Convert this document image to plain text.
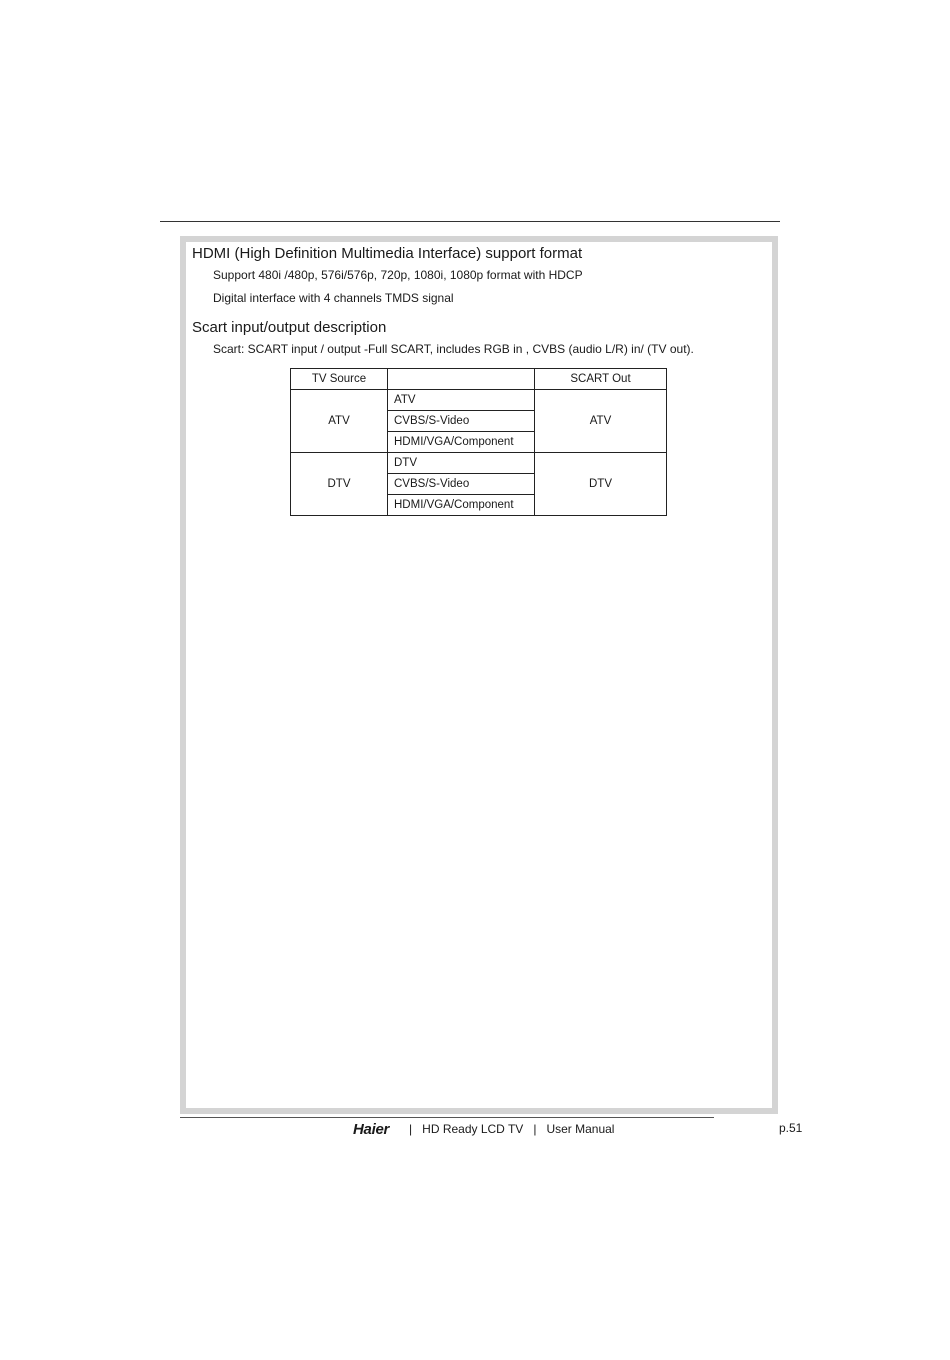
HDMI (High Definition Multimedia Interface) support format
Support 480i /480p, 576i/576p, 720p, 1080i, 1080p format with HDCP
Digital interface with 4 channels TMDS signal
Scart input/output description
Scart: SCART input / output -Full SCART, includes RGB in , CVBS (audio L/R) in/ (TV out).
TV Source		SCART Out
ATV	ATV	ATV
	CVBS/S-Video	
	HDMI/VGA/Component	
DTV	DTV	DTV
	CVBS/S-Video	
	HDMI/VGA/Component	
Haier | HD Ready LCD TV | User Manual	p.51
